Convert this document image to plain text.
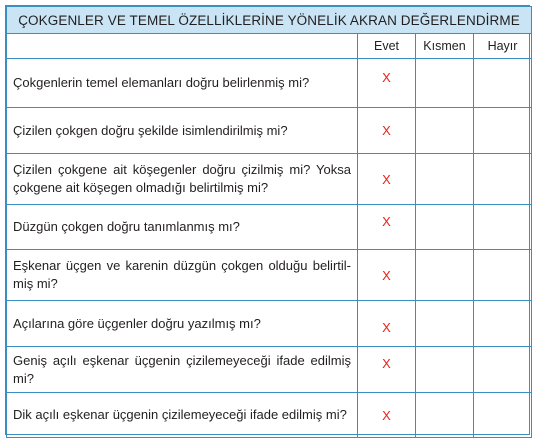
ÇOKGENLER VE TEMEL ÖZELLİKLERİNE YÖNELİK AKRAN DEĞERLENDİRME			
	Evet	Kısmen	Hayır
Çokgenlerin temel elemanları doğru belirlenmiş mi?	X		
Çizilen çokgen doğru şekilde isimlendirilmiş mi?	X		
Çizilen çokgene ait köşegenler doğru çizilmiş mi? Yoksa çokgene ait köşegen olmadığı belirtilmiş mi?	X		
Düzgün çokgen doğru tanımlanmış mı?	X		
Eşkenar üçgen ve karenin düzgün çokgen olduğu belirtil-miş mi?	X		
Açılarına göre üçgenler doğru yazılmış mı?	X		
Geniş açılı eşkenar üçgenin çizilemeyeceği ifade edilmiş mi?	X		
Dik açılı eşkenar üçgenin çizilemeyeceği ifade edilmiş mi?	X		
